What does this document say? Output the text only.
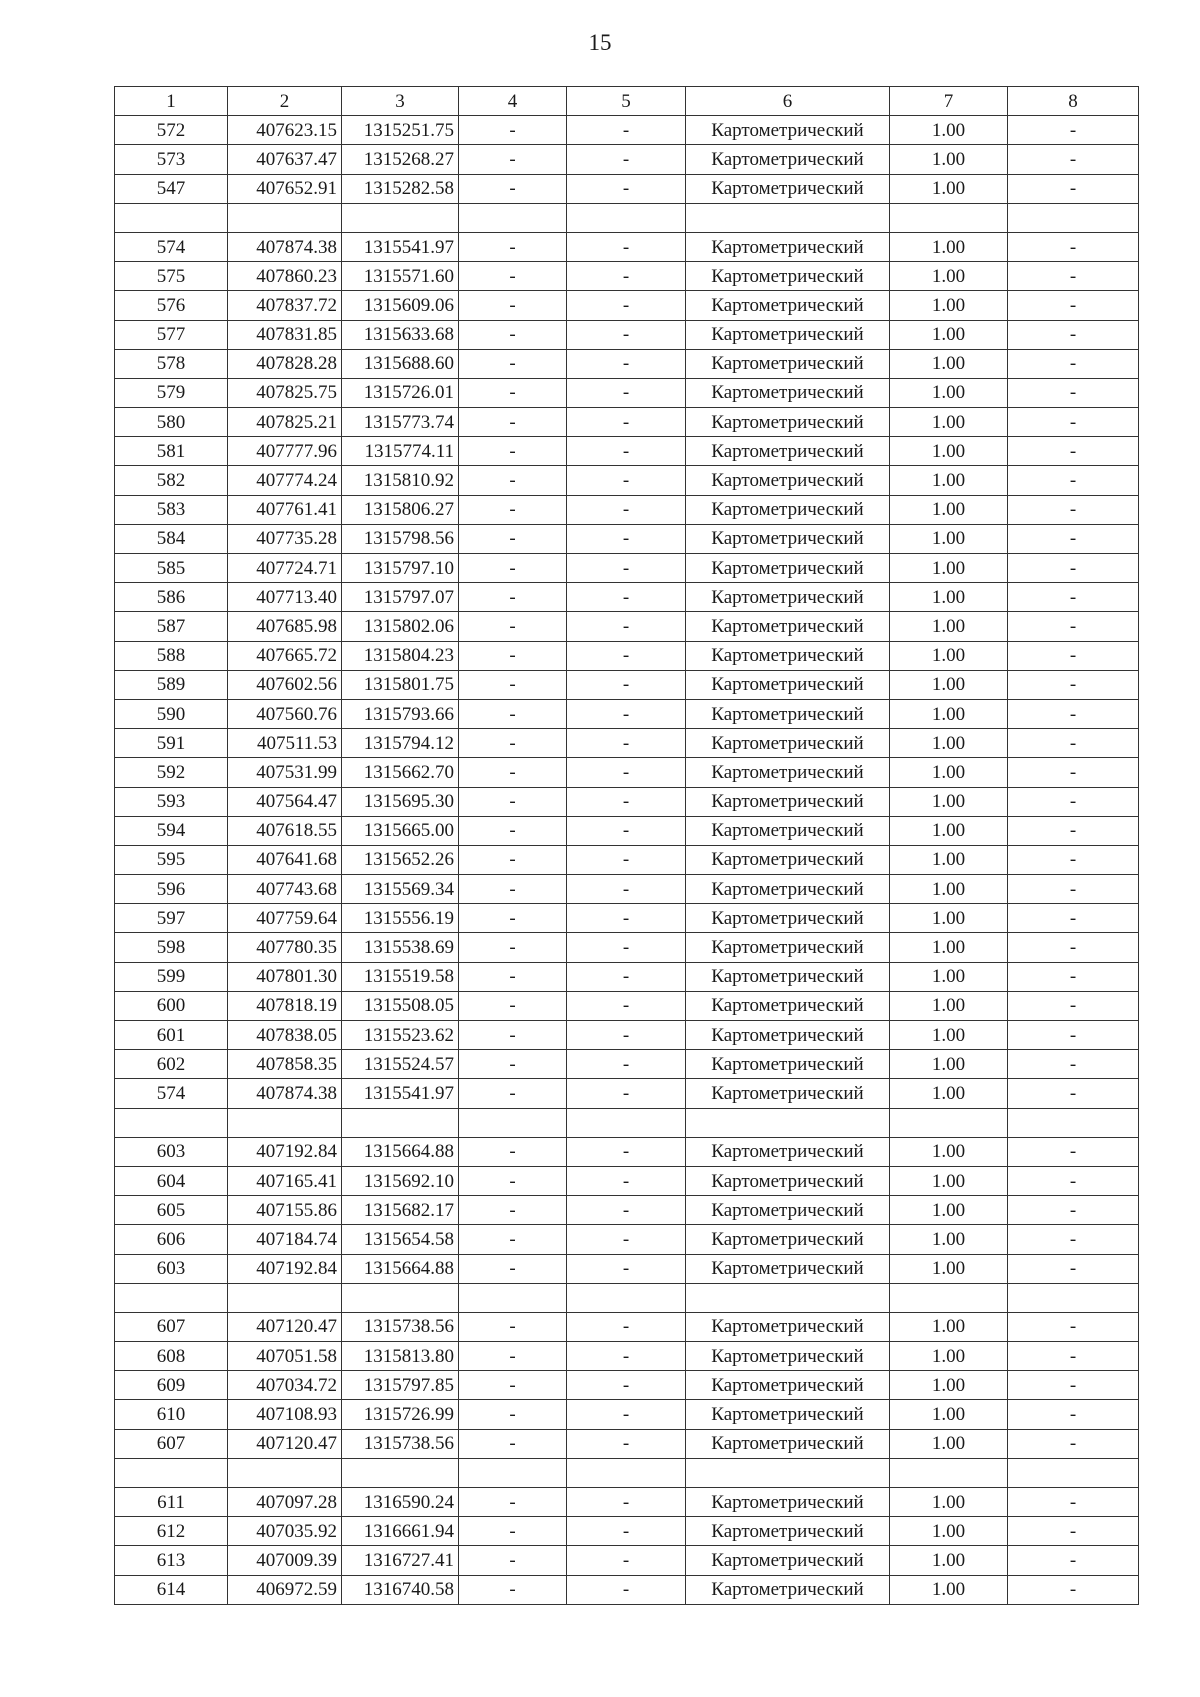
15
1	2	3	4	5	6	7	8
572	407623.15	1315251.75	-	-	Картометрический	1.00	-
573	407637.47	1315268.27	-	-	Картометрический	1.00	-
547	407652.91	1315282.58	-	-	Картометрический	1.00	-

574	407874.38	1315541.97	-	-	Картометрический	1.00	-
575	407860.23	1315571.60	-	-	Картометрический	1.00	-
576	407837.72	1315609.06	-	-	Картометрический	1.00	-
577	407831.85	1315633.68	-	-	Картометрический	1.00	-
578	407828.28	1315688.60	-	-	Картометрический	1.00	-
579	407825.75	1315726.01	-	-	Картометрический	1.00	-
580	407825.21	1315773.74	-	-	Картометрический	1.00	-
581	407777.96	1315774.11	-	-	Картометрический	1.00	-
582	407774.24	1315810.92	-	-	Картометрический	1.00	-
583	407761.41	1315806.27	-	-	Картометрический	1.00	-
584	407735.28	1315798.56	-	-	Картометрический	1.00	-
585	407724.71	1315797.10	-	-	Картометрический	1.00	-
586	407713.40	1315797.07	-	-	Картометрический	1.00	-
587	407685.98	1315802.06	-	-	Картометрический	1.00	-
588	407665.72	1315804.23	-	-	Картометрический	1.00	-
589	407602.56	1315801.75	-	-	Картометрический	1.00	-
590	407560.76	1315793.66	-	-	Картометрический	1.00	-
591	407511.53	1315794.12	-	-	Картометрический	1.00	-
592	407531.99	1315662.70	-	-	Картометрический	1.00	-
593	407564.47	1315695.30	-	-	Картометрический	1.00	-
594	407618.55	1315665.00	-	-	Картометрический	1.00	-
595	407641.68	1315652.26	-	-	Картометрический	1.00	-
596	407743.68	1315569.34	-	-	Картометрический	1.00	-
597	407759.64	1315556.19	-	-	Картометрический	1.00	-
598	407780.35	1315538.69	-	-	Картометрический	1.00	-
599	407801.30	1315519.58	-	-	Картометрический	1.00	-
600	407818.19	1315508.05	-	-	Картометрический	1.00	-
601	407838.05	1315523.62	-	-	Картометрический	1.00	-
602	407858.35	1315524.57	-	-	Картометрический	1.00	-
574	407874.38	1315541.97	-	-	Картометрический	1.00	-

603	407192.84	1315664.88	-	-	Картометрический	1.00	-
604	407165.41	1315692.10	-	-	Картометрический	1.00	-
605	407155.86	1315682.17	-	-	Картометрический	1.00	-
606	407184.74	1315654.58	-	-	Картометрический	1.00	-
603	407192.84	1315664.88	-	-	Картометрический	1.00	-

607	407120.47	1315738.56	-	-	Картометрический	1.00	-
608	407051.58	1315813.80	-	-	Картометрический	1.00	-
609	407034.72	1315797.85	-	-	Картометрический	1.00	-
610	407108.93	1315726.99	-	-	Картометрический	1.00	-
607	407120.47	1315738.56	-	-	Картометрический	1.00	-

611	407097.28	1316590.24	-	-	Картометрический	1.00	-
612	407035.92	1316661.94	-	-	Картометрический	1.00	-
613	407009.39	1316727.41	-	-	Картометрический	1.00	-
614	406972.59	1316740.58	-	-	Картометрический	1.00	-
